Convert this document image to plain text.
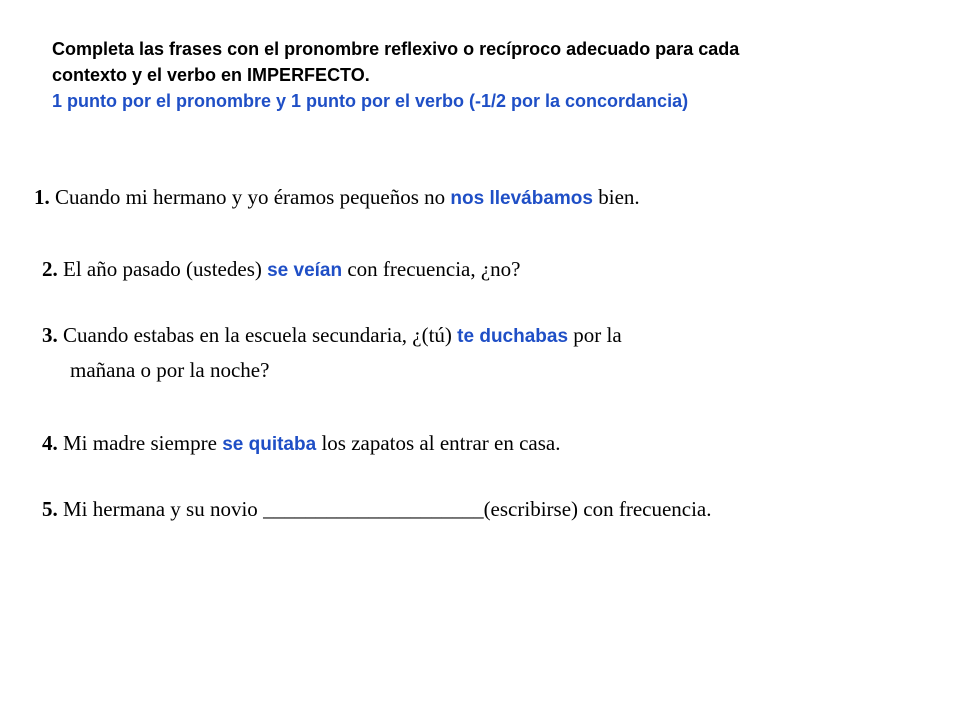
Completa las frases con el pronombre reflexivo o recíproco adecuado para cada
contexto y el verbo en IMPERFECTO.
1 punto por el pronombre y 1 punto por el verbo (-1/2 por la concordancia)
1. Cuando mi hermano y yo éramos pequeños no nos llevábamos bien.
2. El año pasado (ustedes) se veían con frecuencia, ¿no?
3. Cuando estabas en la escuela secundaria, ¿(tú) te duchabas por la
mañana o por la noche?
4. Mi madre siempre se quitaba los zapatos al entrar en casa.
5. Mi hermana y su novio _____________________(escribirse) con frecuencia.
